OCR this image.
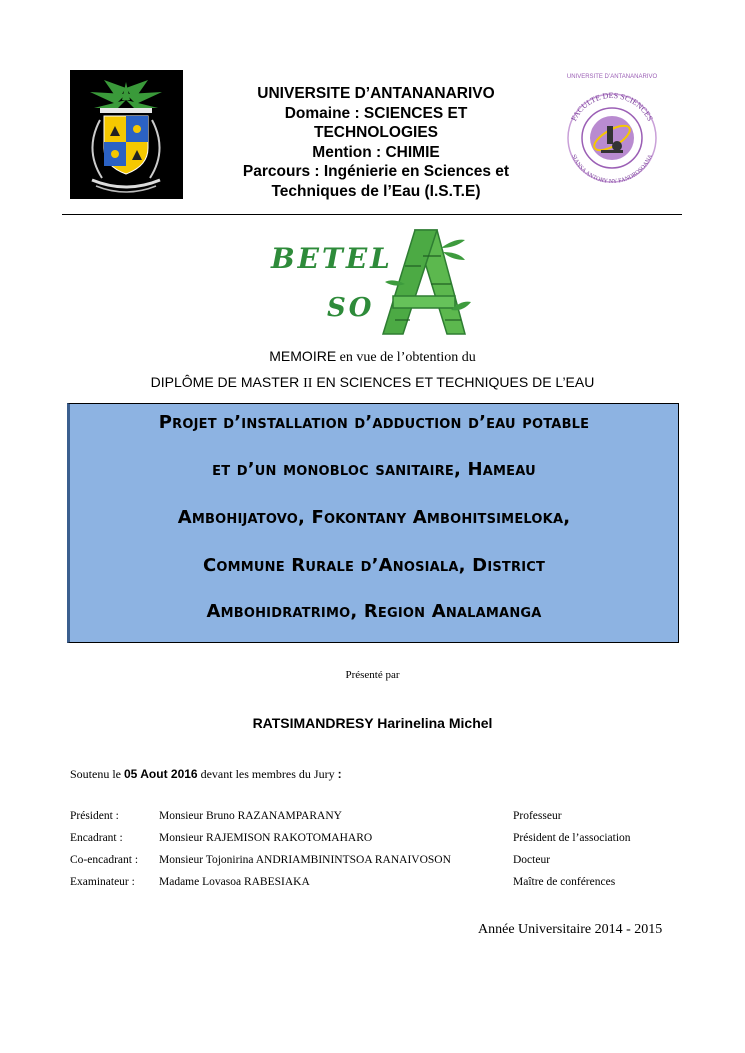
UNIVERSITE D’ANTANANARIVO
Domaine : SCIENCES ET
TECHNOLOGIES
Mention : CHIMIE
Parcours : Ingénierie en Sciences et
Techniques de l’Eau (I.S.T.E)
UNIVERSITE D’ANTANANARIVO
FACULTE DES SCIENCES
SIANSA ANTORY NY FANDROSOANA
BETEL
SO
MEMOIRE en vue de l’obtention du
DIPLÔME DE MASTER II EN SCIENCES ET TECHNIQUES DE L’EAU
Projet d’installation d’adduction d’eau potable
et d’un monobloc sanitaire, Hameau
Ambohijatovo, Fokontany Ambohitsimeloka,
Commune Rurale d’Anosiala, District
Ambohidratrimo, Region Analamanga
Présenté par
RATSIMANDRESY Harinelina Michel
Soutenu le 05 Aout 2016 devant les membres du Jury :
Président :	Monsieur Bruno RAZANAMPARANY	Professeur
Encadrant :	Monsieur RAJEMISON RAKOTOMAHARO	Président de l’association
Co-encadrant : Monsieur Tojonirina ANDRIAMBININTSOA RANAIVOSON	Docteur
Examinateur : Madame Lovasoa RABESIAKA	Maître de conférences
Année Universitaire 2014 - 2015
